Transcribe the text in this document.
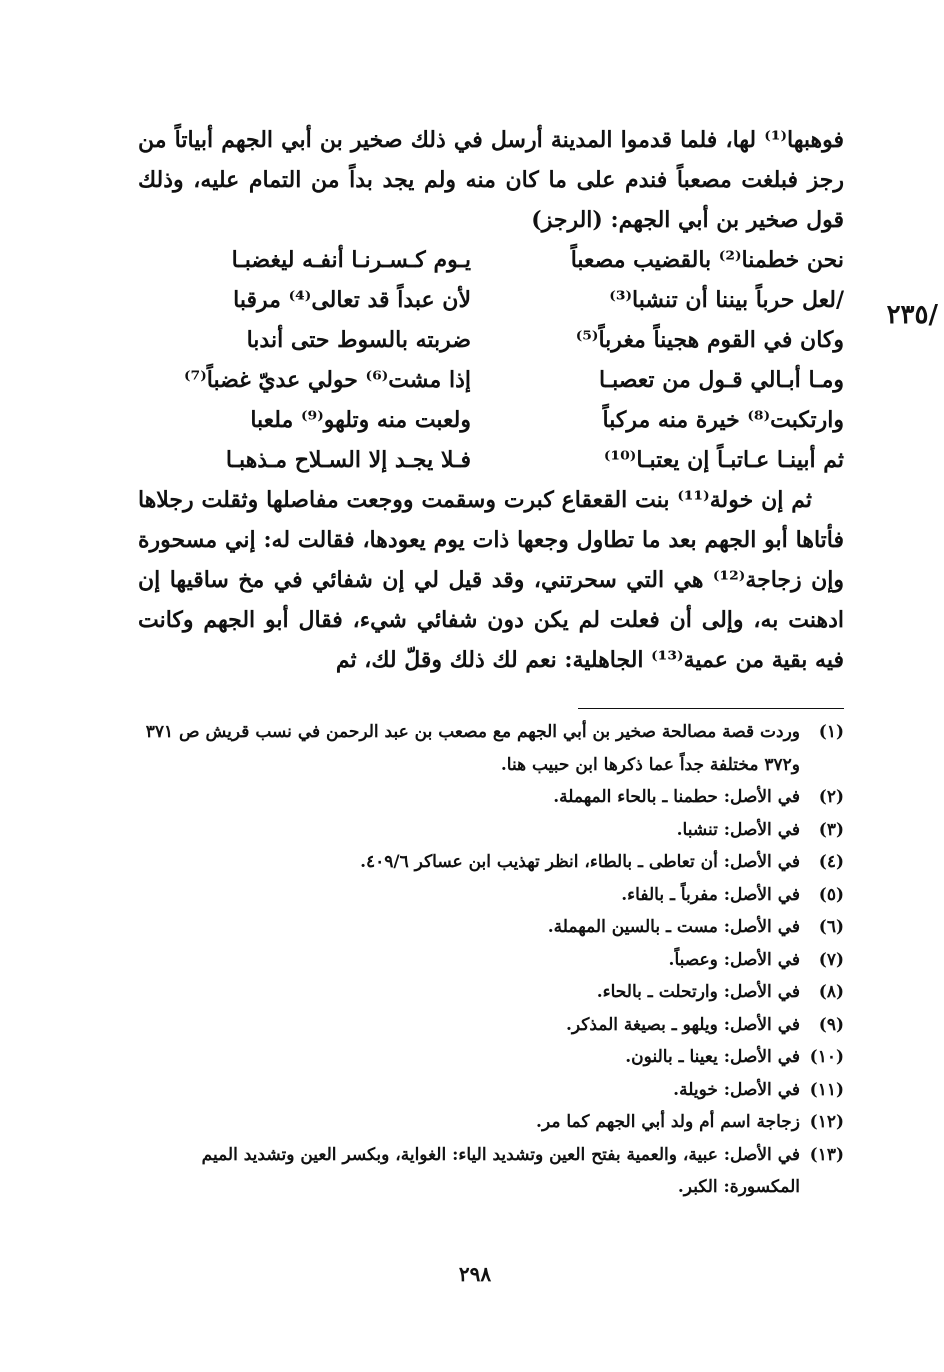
/٢٣٥

فوهبها⁽¹⁾ لها، فلما قدموا المدينة أرسل في ذلك صخير بن أبي الجهم أبياتاً من رجز فبلغت مصعباً فندم على ما كان منه ولم يجد بداً من التمام عليه، وذلك قول صخير بن أبي الجهم: (الرجز)

نحن خطمنا⁽²⁾ بالقضيب مصعباً
يـوم كـسـرنـا أنفـه ليغضبـا
/لعل حرباً بيننا أن تنشبا⁽³⁾
لأن عبداً قد تعالى⁽⁴⁾ مرقبا
وكان في القوم هجيناً مغرباً⁽⁵⁾
ضربته بالسوط حتى أندبا
ومـا أبـالي قـول من تعصبـا
إذا مشت⁽⁶⁾ حولي عديّ غضباً⁽⁷⁾
وارتكبت⁽⁸⁾ خيرة منه مركباً
ولعبت منه وتلهو⁽⁹⁾ ملعبا
ثم أبينـا عـاتبـاً إن يعتبـا⁽¹⁰⁾
فـلا يجـد إلا السـلاح مـذهبـا

ثم إن خولة⁽¹¹⁾ بنت القعقاع كبرت وسقمت ووجعت مفاصلها وثقلت رجلاها فأتاها أبو الجهم بعد ما تطاول وجعها ذات يوم يعودها، فقالت له: إني مسحورة وإن زجاجة⁽¹²⁾ هي التي سحرتني، وقد قيل لي إن شفائي في مخ ساقيها إن ادهنت به، وإلى أن فعلت لم يكن دون شفائي شيء، فقال أبو الجهم وكانت فيه بقية من عمية⁽¹³⁾ الجاهلية: نعم لك ذلك وقلّ لك، ثم

(١)
وردت قصة مصالحة صخير بن أبي الجهم مع مصعب بن عبد الرحمن في نسب قريش ص ٣٧١ و٣٧٢ مختلفة جداً عما ذكرها ابن حبيب هنا.
(٢)
في الأصل: حطمنا ـ بالحاء المهملة.
(٣)
في الأصل: تنشبا.
(٤)
في الأصل: أن تعاطى ـ بالطاء، انظر تهذيب ابن عساكر ٤٠٩/٦.
(٥)
في الأصل: مفرباً ـ بالفاء.
(٦)
في الأصل: مست ـ بالسين المهملة.
(٧)
في الأصل: وعصباً.
(٨)
في الأصل: وارتحلت ـ بالحاء.
(٩)
في الأصل: ويلهو ـ بصيغة المذكر.
(١٠)
في الأصل: يعينا ـ بالنون.
(١١)
في الأصل: خويلة.
(١٢)
زجاجة اسم أم ولد أبي الجهم كما مر.
(١٣)
في الأصل: عبية، والعمية بفتح العين وتشديد الياء: الغواية، وبكسر العين وتشديد الميم المكسورة: الكبر.
٢٩٨
